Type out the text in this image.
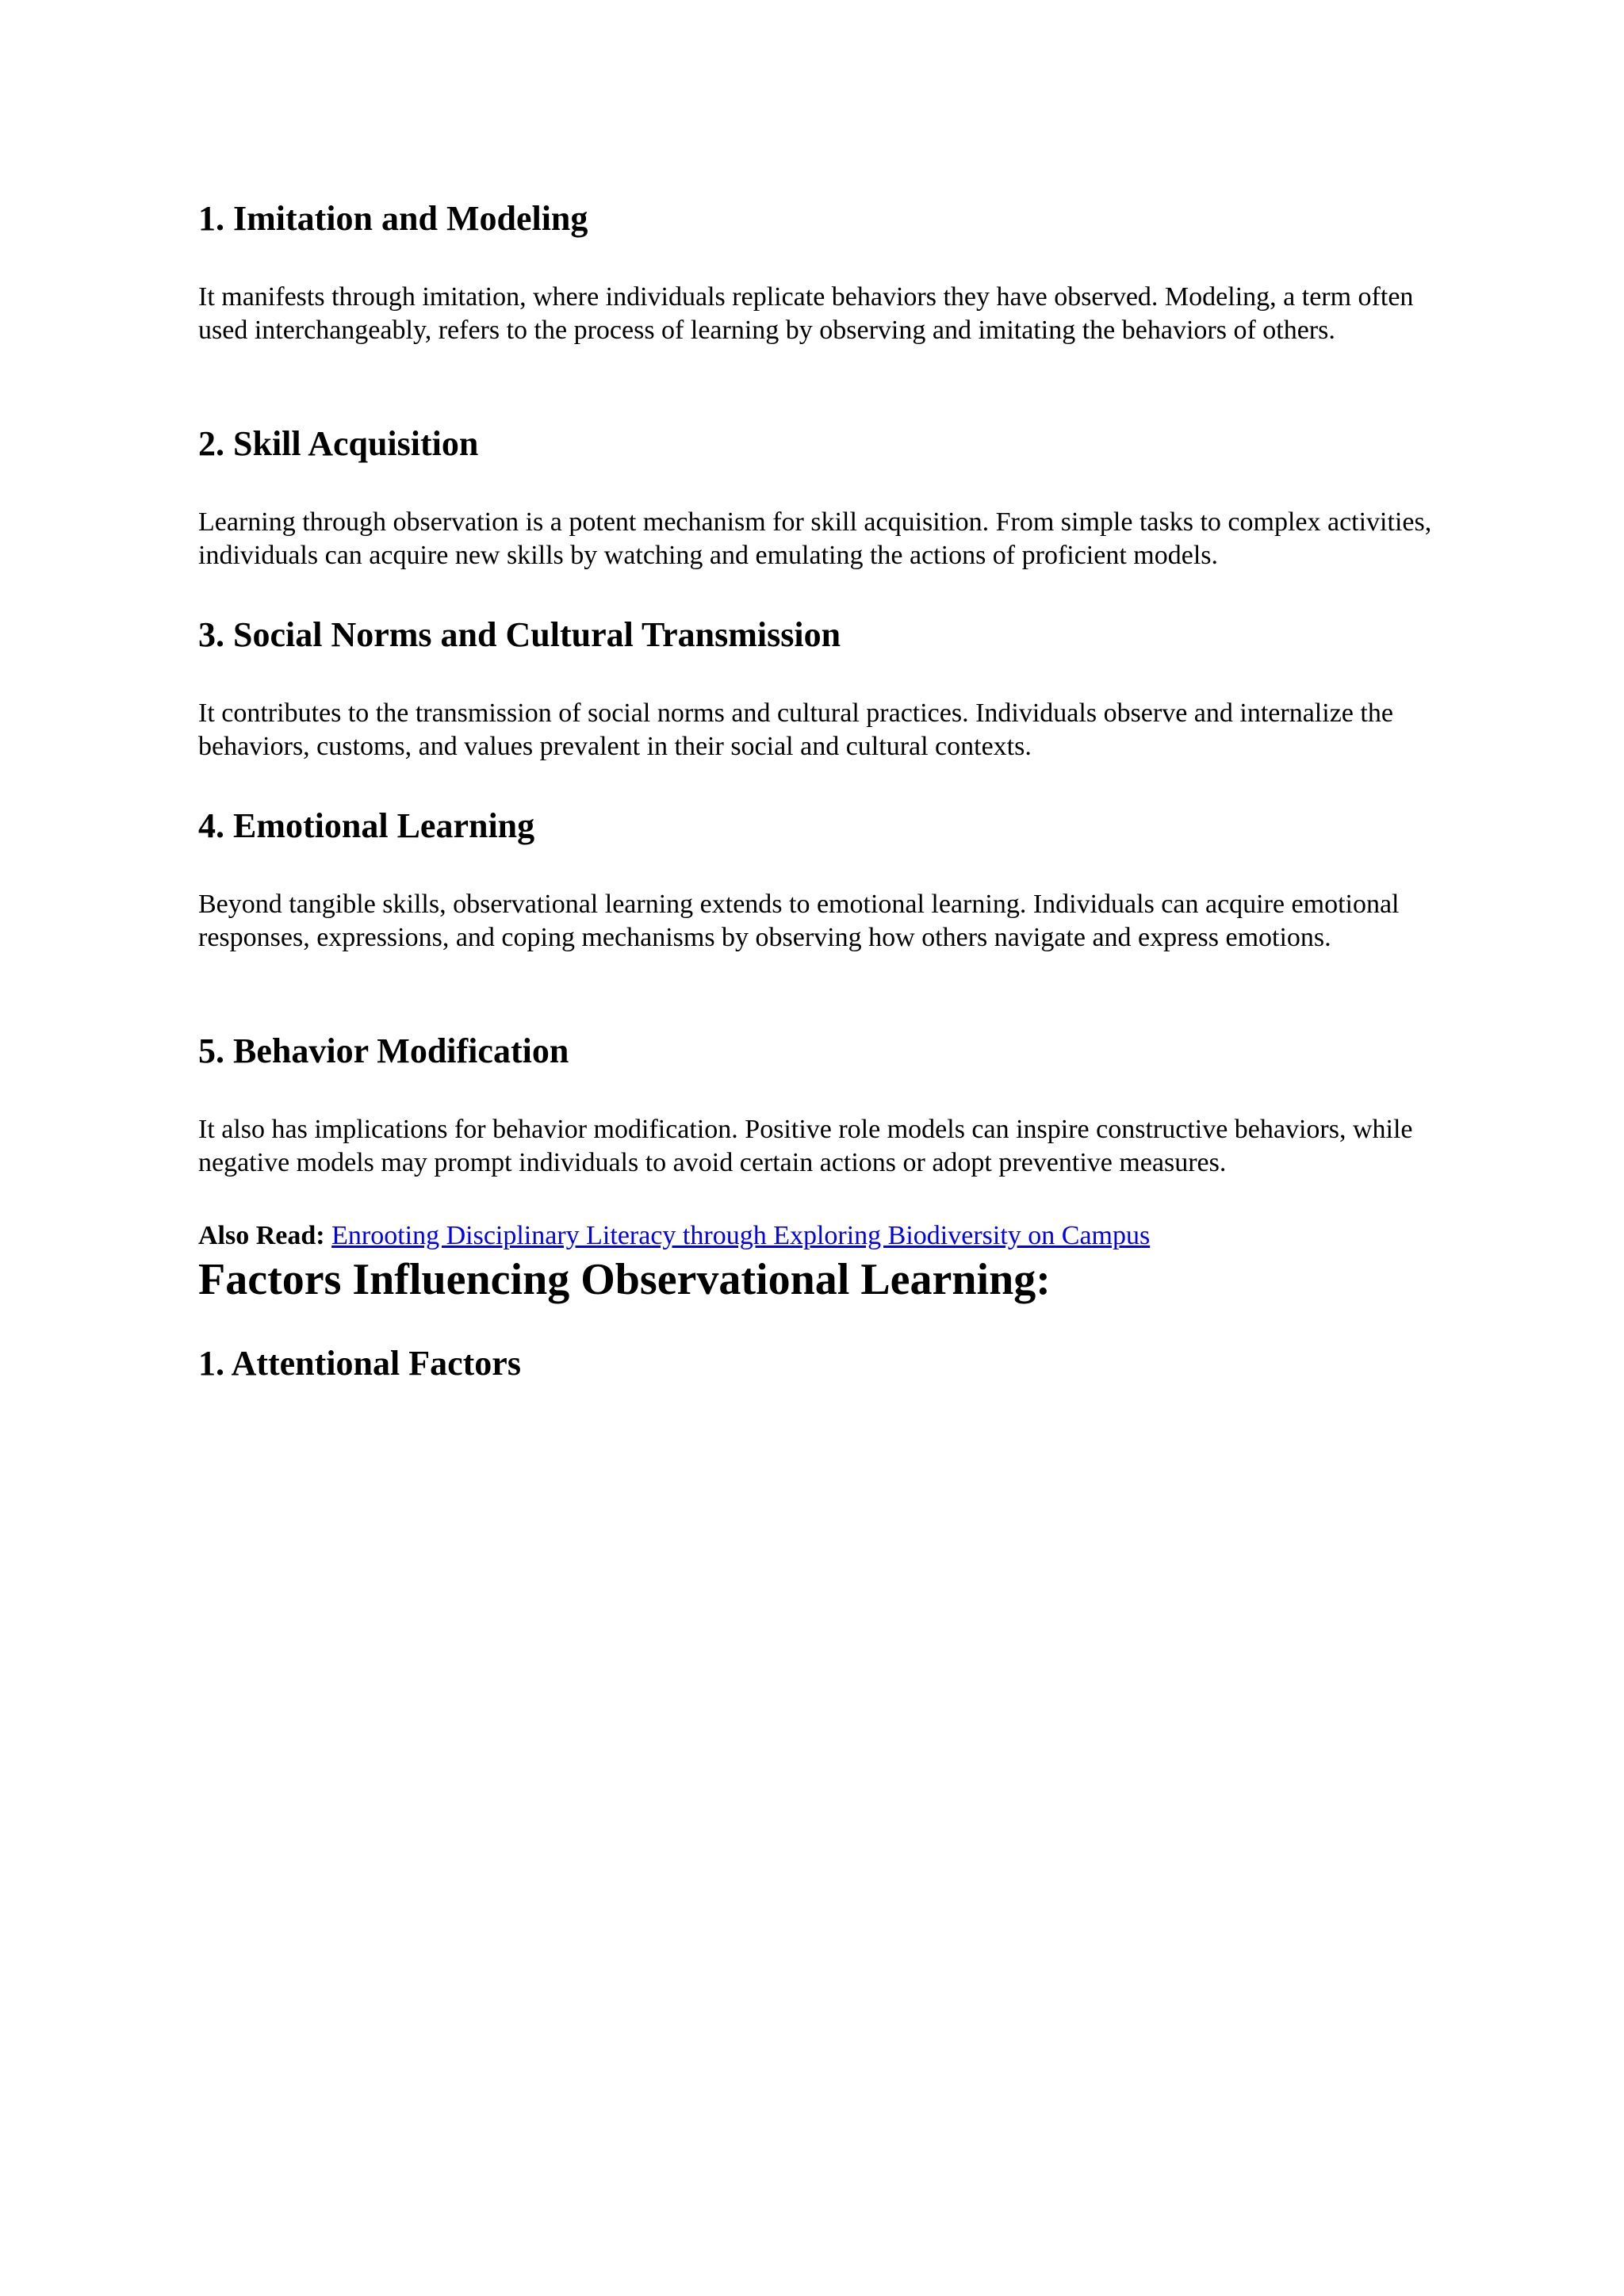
1. Imitation and Modeling

It manifests through imitation, where individuals replicate behaviors they have observed. Modeling, a term often used interchangeably, refers to the process of learning by observing and imitating the behaviors of others.

2. Skill Acquisition

Learning through observation is a potent mechanism for skill acquisition. From simple tasks to complex activities, individuals can acquire new skills by watching and emulating the actions of proficient models.

3. Social Norms and Cultural Transmission

It contributes to the transmission of social norms and cultural practices. Individuals observe and internalize the behaviors, customs, and values prevalent in their social and cultural contexts.

4. Emotional Learning

Beyond tangible skills, observational learning extends to emotional learning. Individuals can acquire emotional responses, expressions, and coping mechanisms by observing how others navigate and express emotions.

5. Behavior Modification

It also has implications for behavior modification. Positive role models can inspire constructive behaviors, while negative models may prompt individuals to avoid certain actions or adopt preventive measures.

Also Read: Enrooting Disciplinary Literacy through Exploring Biodiversity on Campus
Factors Influencing Observational Learning:
1. Attentional Factors
